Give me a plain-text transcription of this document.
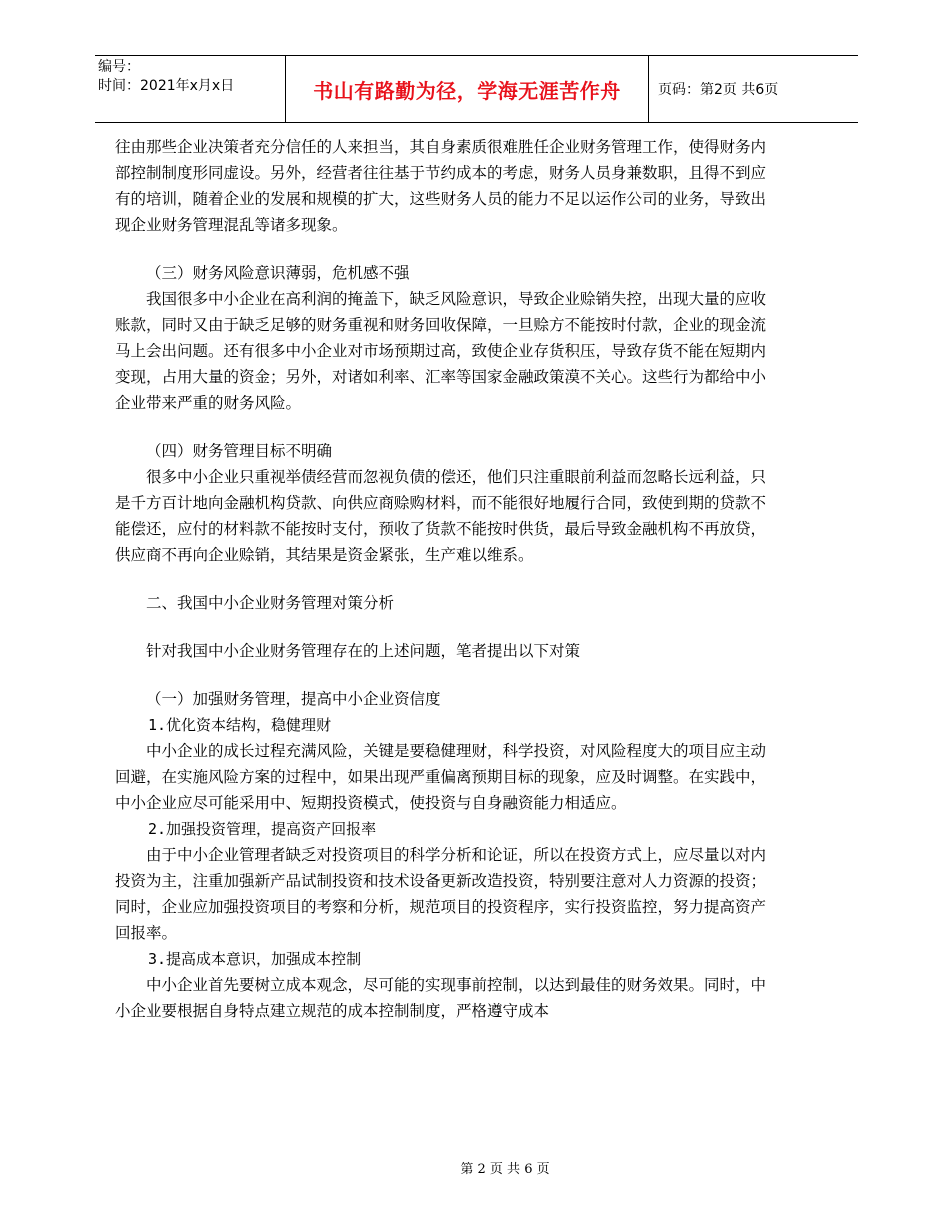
编号：
时间：2021年x月x日	书山有路勤为径，学海无涯苦作舟	页码：第2页 共6页

往由那些企业决策者充分信任的人来担当，其自身素质很难胜任企业财务管理工作，使得财务内部控制制度形同虚设。另外，经营者往往基于节约成本的考虑，财务人员身兼数职，且得不到应有的培训，随着企业的发展和规模的扩大，这些财务人员的能力不足以运作公司的业务，导致出现企业财务管理混乱等诸多现象。

（三）财务风险意识薄弱，危机感不强

我国很多中小企业在高利润的掩盖下，缺乏风险意识，导致企业赊销失控，出现大量的应收账款，同时又由于缺乏足够的财务重视和财务回收保障，一旦赊方不能按时付款，企业的现金流马上会出问题。还有很多中小企业对市场预期过高，致使企业存货积压，导致存货不能在短期内变现，占用大量的资金；另外，对诸如利率、汇率等国家金融政策漠不关心。这些行为都给中小企业带来严重的财务风险。

（四）财务管理目标不明确

很多中小企业只重视举债经营而忽视负债的偿还，他们只注重眼前利益而忽略长远利益，只是千方百计地向金融机构贷款、向供应商赊购材料，而不能很好地履行合同，致使到期的贷款不能偿还，应付的材料款不能按时支付，预收了货款不能按时供货，最后导致金融机构不再放贷，供应商不再向企业赊销，其结果是资金紧张，生产难以维系。

二、我国中小企业财务管理对策分析

针对我国中小企业财务管理存在的上述问题，笔者提出以下对策

（一）加强财务管理，提高中小企业资信度

1.优化资本结构，稳健理财

中小企业的成长过程充满风险，关键是要稳健理财，科学投资，对风险程度大的项目应主动回避，在实施风险方案的过程中，如果出现严重偏离预期目标的现象，应及时调整。在实践中，中小企业应尽可能采用中、短期投资模式，使投资与自身融资能力相适应。

2.加强投资管理，提高资产回报率

由于中小企业管理者缺乏对投资项目的科学分析和论证，所以在投资方式上，应尽量以对内投资为主，注重加强新产品试制投资和技术设备更新改造投资，特别要注意对人力资源的投资；同时，企业应加强投资项目的考察和分析，规范项目的投资程序，实行投资监控，努力提高资产回报率。

3.提高成本意识，加强成本控制

中小企业首先要树立成本观念，尽可能的实现事前控制，以达到最佳的财务效果。同时，中小企业要根据自身特点建立规范的成本控制制度，严格遵守成本

第 2 页 共 6 页
